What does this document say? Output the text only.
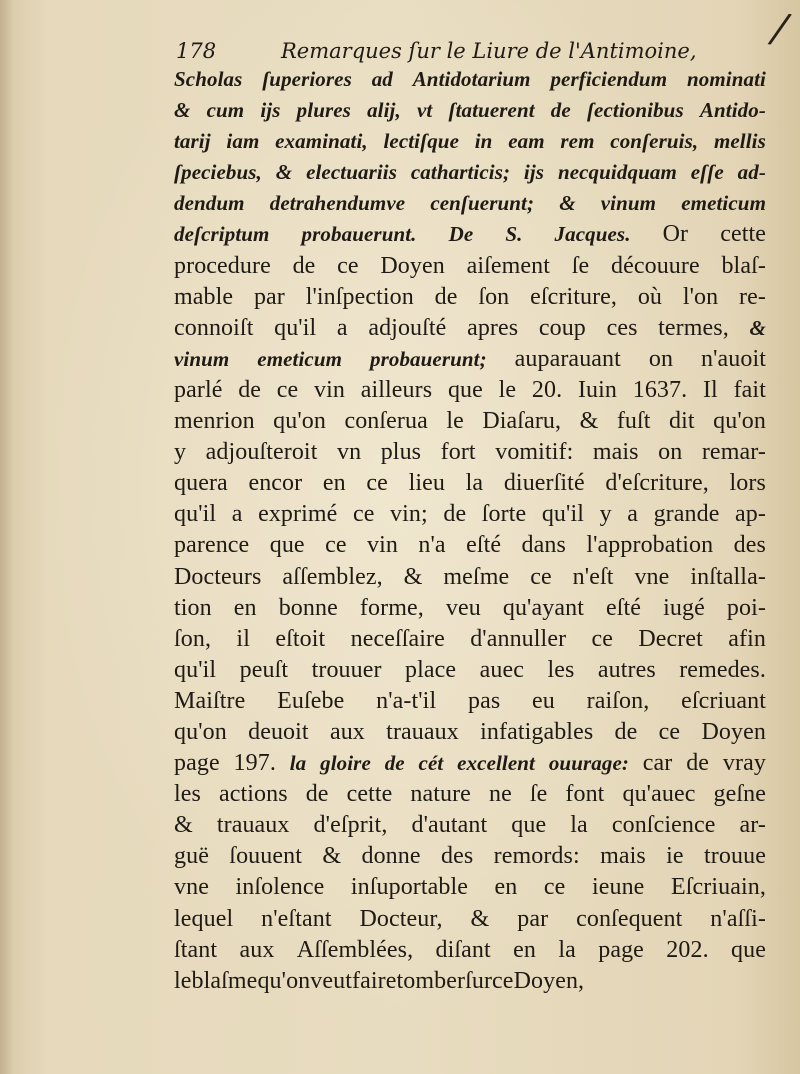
/
178	Remarques ſur le Liure de l'Antimoine,
Scholas ſuperiores ad Antidotarium perficiendum nominati
& cum ijs plures alij, vt ſtatuerent de ſectionibus Antido-
tarij iam examinati, lectiſque in eam rem conſeruis, mellis
ſpeciebus, & electuariis catharticis; ijs necquidquam eſſe ad-
dendum detrahendumve cenſuerunt; & vinum emeticum
deſcriptum probauerunt. De S. Jacques. Or cette
procedure de ce Doyen aiſement ſe découure blaſ-
mable par l'inſpection de ſon eſcriture, où l'on re-
connoiſt qu'il a adjouſté apres coup ces termes, &
vinum emeticum probauerunt; auparauant on n'auoit
parlé de ce vin ailleurs que le 20. Iuin 1637. Il fait
menrion qu'on conſerua le Diaſaru, & fuſt dit qu'on
y adjouſteroit vn plus fort vomitif: mais on remar-
quera encor en ce lieu la diuerſité d'eſcriture, lors
qu'il a exprimé ce vin; de ſorte qu'il y a grande ap-
parence que ce vin n'a eſté dans l'approbation des
Docteurs aſſemblez, & meſme ce n'eſt vne inſtalla-
tion en bonne forme, veu qu'ayant eſté iugé poi-
ſon, il eſtoit neceſſaire d'annuller ce Decret afin
qu'il peuſt trouuer place auec les autres remedes.
Maiſtre Euſebe n'a-t'il pas eu raiſon, eſcriuant
qu'on deuoit aux trauaux infatigables de ce Doyen
page 197. la gloire de cét excellent ouurage: car de vray
les actions de cette nature ne ſe font qu'auec geſne
& trauaux d'eſprit, d'autant que la conſcience ar-
guë ſouuent & donne des remords: mais ie trouue
vne inſolence inſuportable en ce ieune Eſcriuain,
lequel n'eſtant Docteur, & par conſequent n'aſſi-
ſtant aux Aſſemblées, diſant en la page 202. que
le blaſme qu'on veut faire tomber ſur ce Doyen,
